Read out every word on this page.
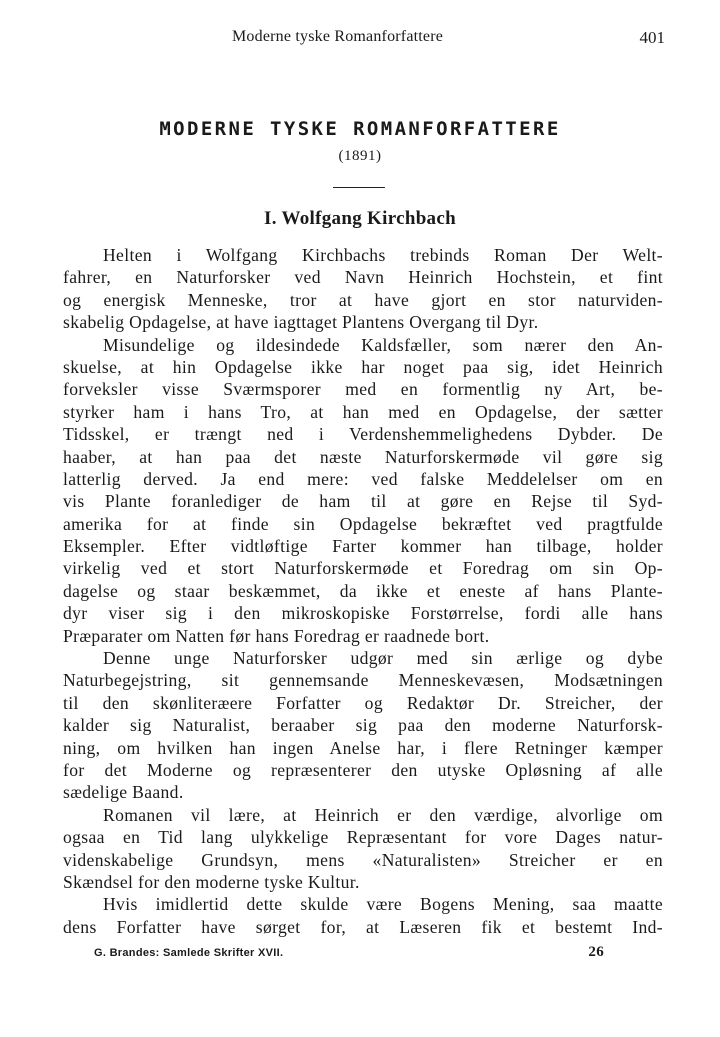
Moderne tyske Romanforfattere	401
MODERNE TYSKE ROMANFORFATTERE
(1891)
I. Wolfgang Kirchbach
Helten i Wolfgang Kirchbachs trebinds Roman Der Welt-
fahrer, en Naturforsker ved Navn Heinrich Hochstein, et fint
og energisk Menneske, tror at have gjort en stor naturviden-
skabelig Opdagelse, at have iagttaget Plantens Overgang til Dyr.
Misundelige og ildesindede Kaldsfæller, som nærer den An-
skuelse, at hin Opdagelse ikke har noget paa sig, idet Heinrich
forveksler visse Sværmsporer med en formentlig ny Art, be-
styrker ham i hans Tro, at han med en Opdagelse, der sætter
Tidsskel, er trængt ned i Verdenshemmelighedens Dybder. De
haaber, at han paa det næste Naturforskermøde vil gøre sig
latterlig derved. Ja end mere: ved falske Meddelelser om en
vis Plante foranlediger de ham til at gøre en Rejse til Syd-
amerika for at finde sin Opdagelse bekræftet ved pragtfulde
Eksempler. Efter vidtløftige Farter kommer han tilbage, holder
virkelig ved et stort Naturforskermøde et Foredrag om sin Op-
dagelse og staar beskæmmet, da ikke et eneste af hans Plante-
dyr viser sig i den mikroskopiske Forstørrelse, fordi alle hans
Præparater om Natten før hans Foredrag er raadnede bort.
Denne unge Naturforsker udgør med sin ærlige og dybe
Naturbegejstring, sit gennemsande Menneskevæsen, Modsætningen
til den skønliteræere Forfatter og Redaktør Dr. Streicher, der
kalder sig Naturalist, beraaber sig paa den moderne Naturforsk-
ning, om hvilken han ingen Anelse har, i flere Retninger kæmper
for det Moderne og repræsenterer den utyske Opløsning af alle
sædelige Baand.
Romanen vil lære, at Heinrich er den værdige, alvorlige om
ogsaa en Tid lang ulykkelige Repræsentant for vore Dages natur-
videnskabelige Grundsyn, mens «Naturalisten» Streicher er en
Skændsel for den moderne tyske Kultur.
Hvis imidlertid dette skulde være Bogens Mening, saa maatte
dens Forfatter have sørget for, at Læseren fik et bestemt Ind-
G. Brandes: Samlede Skrifter XVII.	26
